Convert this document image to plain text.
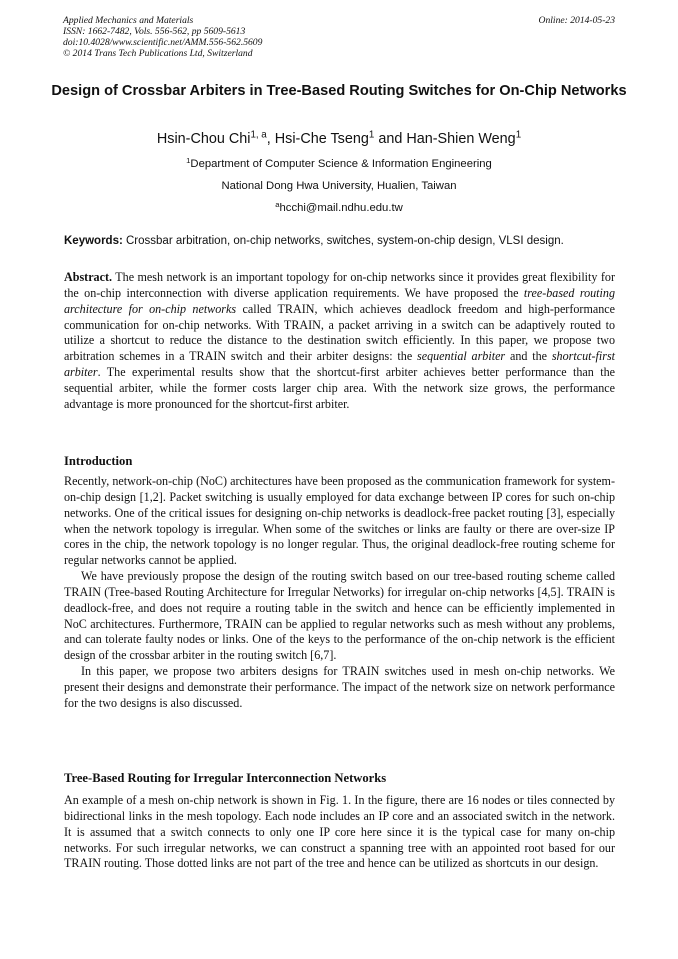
Applied Mechanics and Materials
ISSN: 1662-7482, Vols. 556-562, pp 5609-5613
doi:10.4028/www.scientific.net/AMM.556-562.5609
© 2014 Trans Tech Publications Ltd, Switzerland
Online: 2014-05-23
Design of Crossbar Arbiters in Tree-Based Routing Switches for On-Chip Networks
Hsin-Chou Chi$^{1, a}$, Hsi-Che Tseng$^1$ and Han-Shien Weng$^1$
$^1$Department of Computer Science & Information Engineering
National Dong Hwa University, Hualien, Taiwan
$^a$hcchi@mail.ndhu.edu.tw
Keywords: Crossbar arbitration, on-chip networks, switches, system-on-chip design, VLSI design.

Abstract. The mesh network is an important topology for on-chip networks since it provides great flexibility for the on-chip interconnection with diverse application requirements. We have proposed the tree-based routing architecture for on-chip networks called TRAIN, which achieves deadlock freedom and high-performance communication for on-chip networks. With TRAIN, a packet arriving in a switch can be adaptively routed to utilize a shortcut to reduce the distance to the destination switch efficiently. In this paper, we propose two arbitration schemes in a TRAIN switch and their arbiter designs: the sequential arbiter and the shortcut-first arbiter. The experimental results show that the shortcut-first arbiter achieves better performance than the sequential arbiter, while the former costs larger chip area. With the network size grows, the performance advantage is more pronounced for the shortcut-first arbiter.

Introduction

Recently, network-on-chip (NoC) architectures have been proposed as the communication framework for system-on-chip design [1,2]. Packet switching is usually employed for data exchange between IP cores for such on-chip networks. One of the critical issues for designing on-chip networks is deadlock-free packet routing [3], especially when the network topology is irregular. When some of the switches or links are faulty or there are over-size IP cores in the chip, the network topology is no longer regular. Thus, the original deadlock-free routing scheme for regular networks cannot be applied.

We have previously propose the design of the routing switch based on our tree-based routing scheme called TRAIN (Tree-based Routing Architecture for Irregular Networks) for irregular on-chip networks [4,5]. TRAIN is deadlock-free, and does not require a routing table in the switch and hence can be efficiently implemented in NoC architectures. Furthermore, TRAIN can be applied to regular networks such as mesh without any problems, and can tolerate faulty nodes or links. One of the keys to the performance of the on-chip network is the efficient design of the crossbar arbiter in the routing switch [6,7].

In this paper, we propose two arbiters designs for TRAIN switches used in mesh on-chip networks. We present their designs and demonstrate their performance. The impact of the network size on network performance for the two designs is also discussed.

Tree-Based Routing for Irregular Interconnection Networks

An example of a mesh on-chip network is shown in Fig. 1. In the figure, there are 16 nodes or tiles connected by bidirectional links in the mesh topology. Each node includes an IP core and an associated switch in the network. It is assumed that a switch connects to only one IP core here since it is the typical case for many on-chip networks. For such irregular networks, we can construct a spanning tree with an appointed root based for our TRAIN routing. Those dotted links are not part of the tree and hence can be utilized as shortcuts in our design.
